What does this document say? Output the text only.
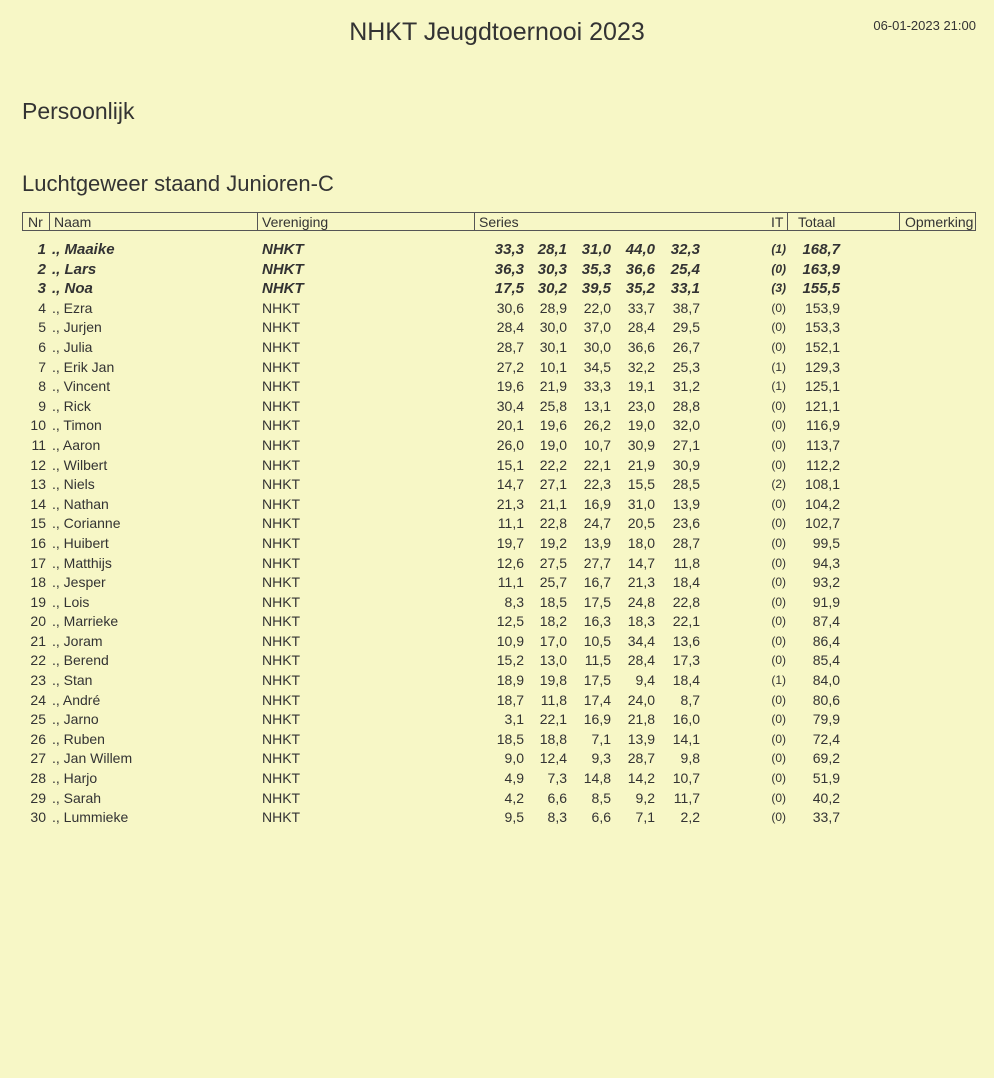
NHKT Jeugdtoernooi 2023	06-01-2023 21:00
Persoonlijk
Luchtgeweer staand Junioren-C
Nr Naam	Vereniging	Series	IT Totaal	Opmerking
1 ., Maaike	NHKT	33,3 28,1 31,0 44,0	32,3	(1)	168,7
2 ., Lars	NHKT	36,3 30,3 35,3 36,6	25,4	(0)	163,9
3 ., Noa	NHKT	17,5 30,2 39,5 35,2	33,1	(3)	155,5
4 ., Ezra	NHKT	30,6	28,9	22,0	33,7	38,7	(0)	153,9
5 ., Jurjen	NHKT	28,4	30,0	37,0	28,4	29,5	(0)	153,3
6 ., Julia	NHKT	28,7	30,1	30,0	36,6	26,7	(0)	152,1
7 ., Erik Jan	NHKT	27,2	10,1	34,5	32,2	25,3	(1)	129,3
8 ., Vincent	NHKT	19,6	21,9	33,3	19,1	31,2	(1)	125,1
9 ., Rick	NHKT	30,4	25,8	13,1	23,0	28,8	(0)	121,1
10 ., Timon	NHKT	20,1	19,6	26,2	19,0	32,0	(0)	116,9
11 ., Aaron	NHKT	26,0	19,0	10,7	30,9	27,1	(0)	113,7
12 ., Wilbert	NHKT	15,1	22,2	22,1	21,9	30,9	(0)	112,2
13 ., Niels	NHKT	14,7	27,1	22,3	15,5	28,5	(2)	108,1
14 ., Nathan	NHKT	21,3	21,1	16,9	31,0	13,9	(0)	104,2
15 ., Corianne	NHKT	11,1	22,8	24,7	20,5	23,6	(0)	102,7
16 ., Huibert	NHKT	19,7	19,2	13,9	18,0	28,7	(0)	99,5
17 ., Matthijs	NHKT	12,6	27,5	27,7	14,7	11,8	(0)	94,3
18 ., Jesper	NHKT	11,1	25,7	16,7	21,3	18,4	(0)	93,2
19 ., Lois	NHKT	8,3	18,5	17,5	24,8	22,8	(0)	91,9
20 ., Marrieke	NHKT	12,5	18,2	16,3	18,3	22,1	(0)	87,4
21 ., Joram	NHKT	10,9	17,0	10,5	34,4	13,6	(0)	86,4
22 ., Berend	NHKT	15,2	13,0	11,5	28,4	17,3	(0)	85,4
23 ., Stan	NHKT	18,9	19,8	17,5	9,4	18,4	(1)	84,0
24 ., André	NHKT	18,7	11,8	17,4	24,0	8,7	(0)	80,6
25 ., Jarno	NHKT	3,1	22,1	16,9	21,8	16,0	(0)	79,9
26 ., Ruben	NHKT	18,5	18,8	7,1	13,9	14,1	(0)	72,4
27 ., Jan Willem	NHKT	9,0	12,4	9,3	28,7	9,8	(0)	69,2
28 ., Harjo	NHKT	4,9	7,3	14,8	14,2	10,7	(0)	51,9
29 ., Sarah	NHKT	4,2	6,6	8,5	9,2	11,7	(0)	40,2
30 ., Lummieke	NHKT	9,5	8,3	6,6	7,1	2,2	(0)	33,7
